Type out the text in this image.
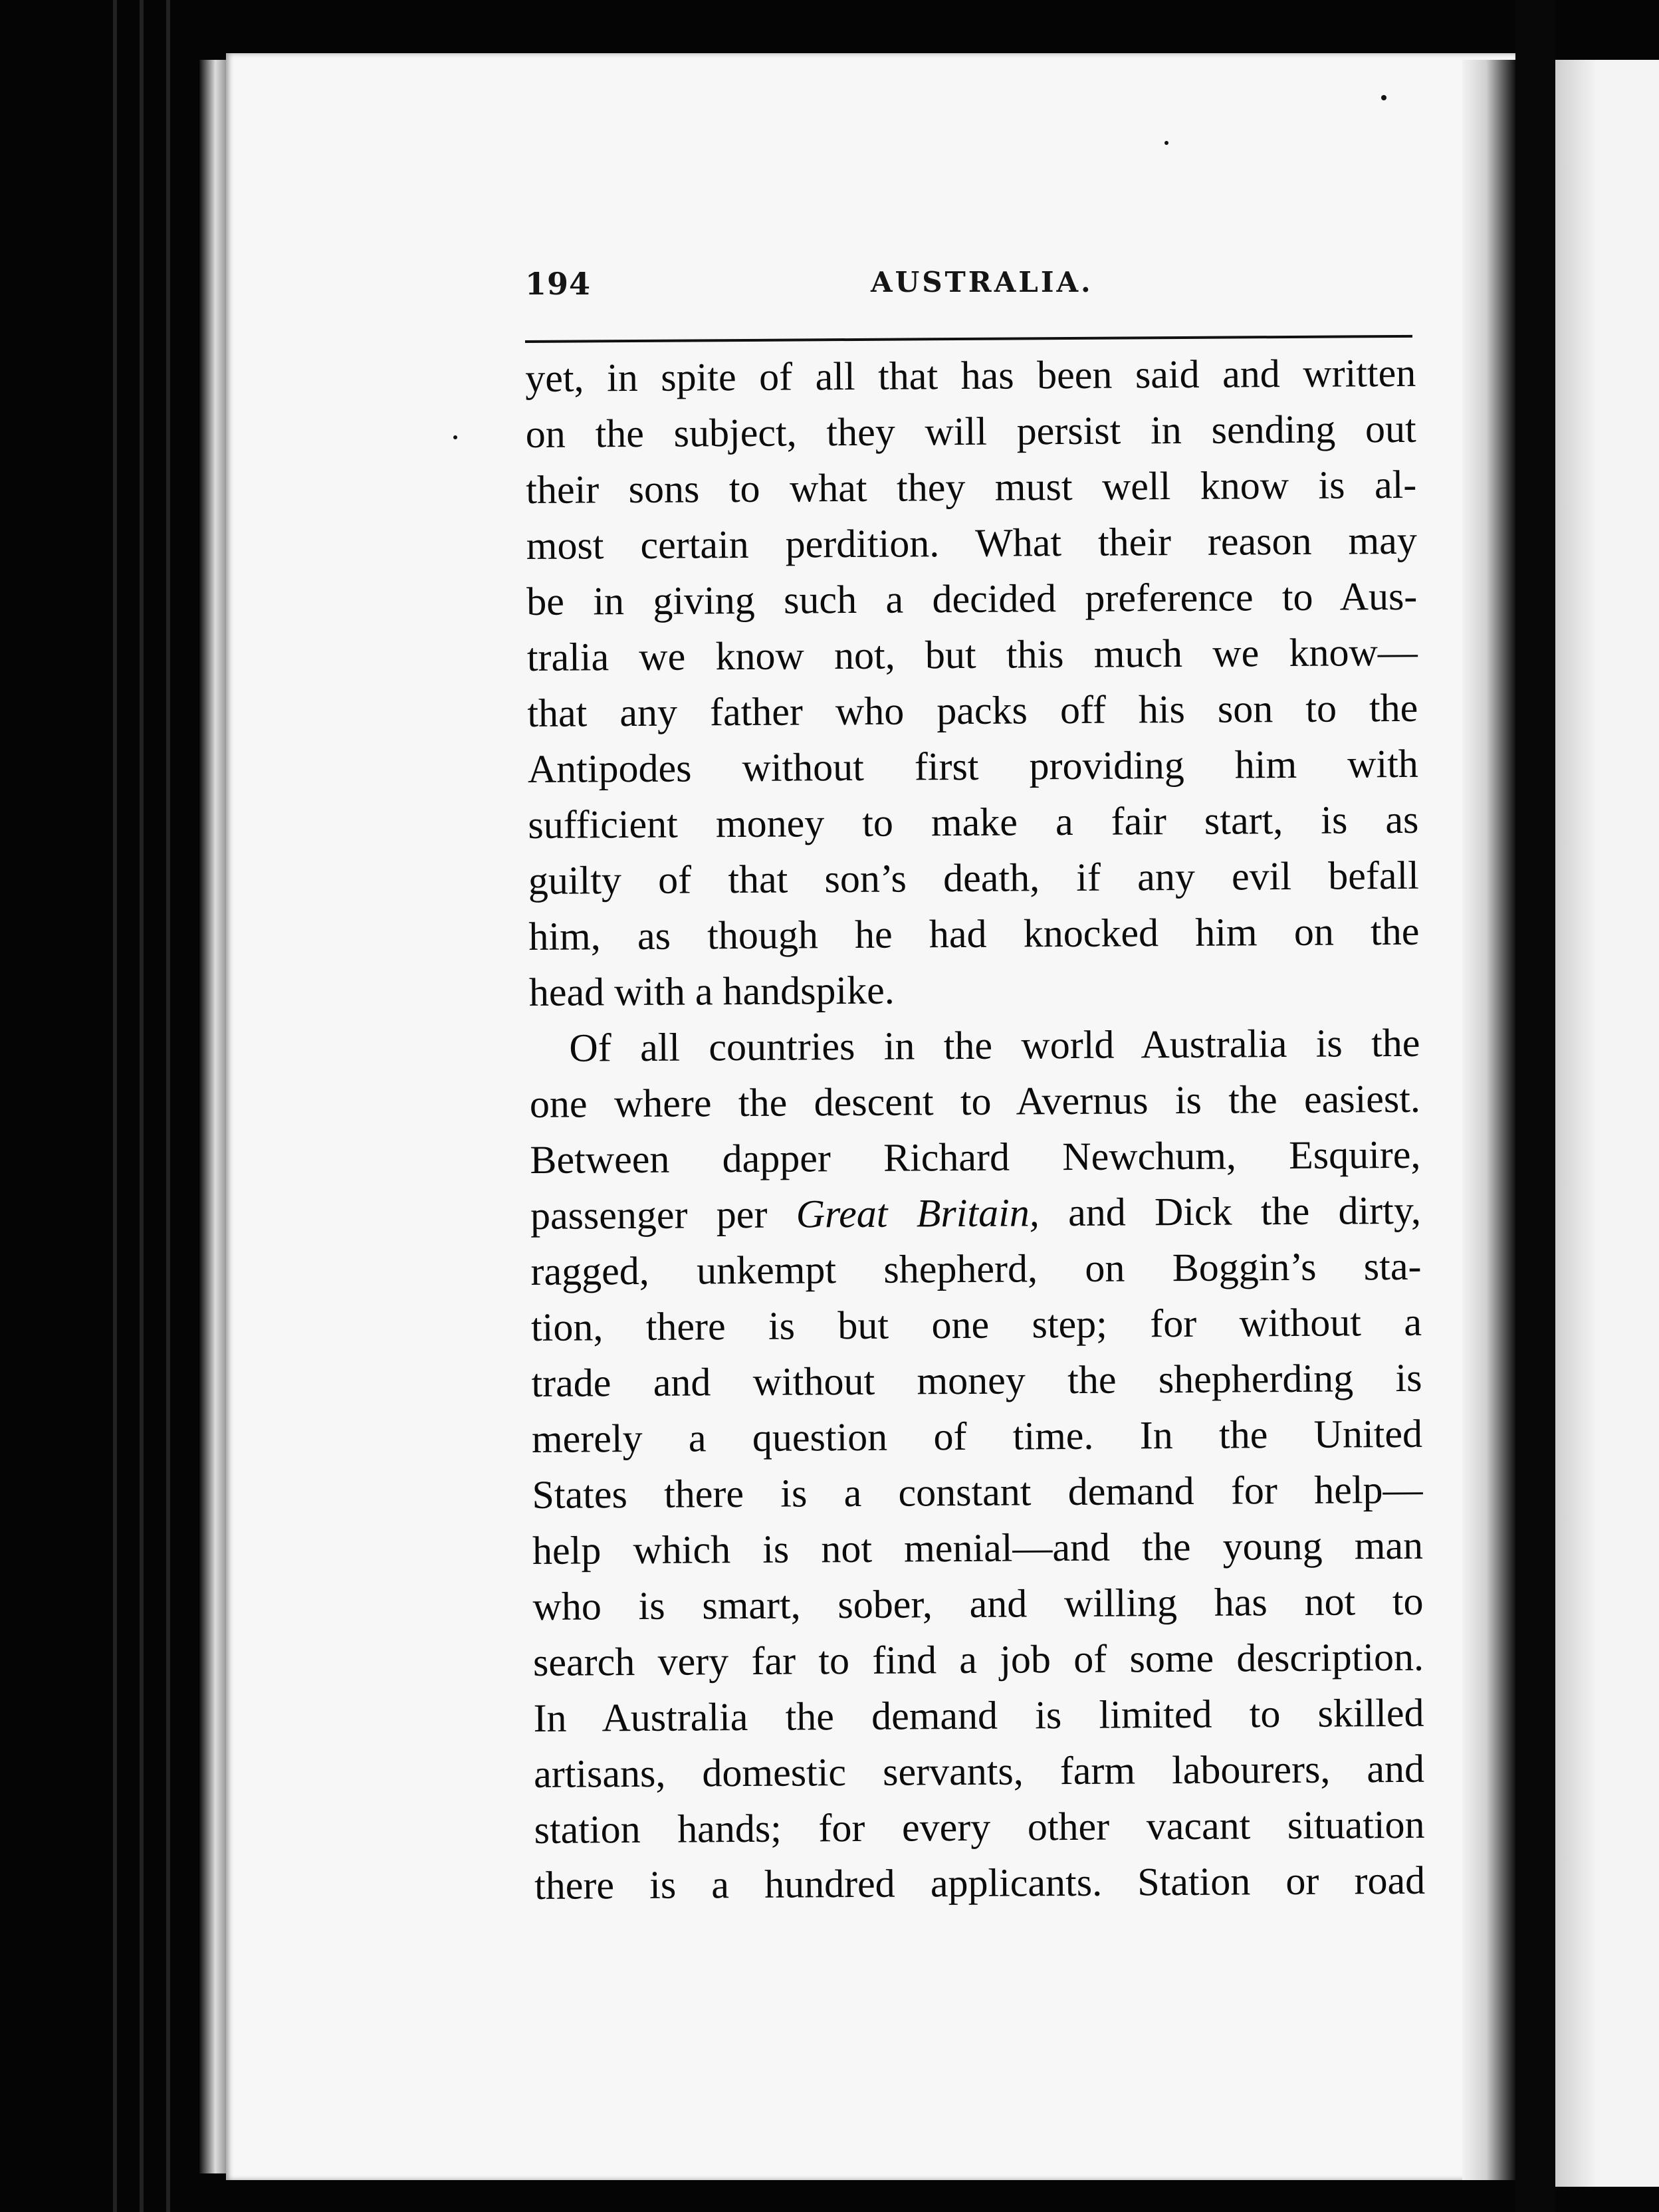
194	AUSTRALIA.
yet, in spite of all that has been said and written
on the subject, they will persist in sending out
their sons to what they must well know is al-
most certain perdition. What their reason may
be in giving such a decided preference to Aus-
tralia we know not, but this much we know—
that any father who packs off his son to the
Antipodes without first providing him with
sufficient money to make a fair start, is as
guilty of that son’s death, if any evil befall
him, as though he had knocked him on the
head with a handspike.
Of all countries in the world Australia is the
one where the descent to Avernus is the easiest.
Between dapper Richard Newchum, Esquire,
passenger per Great Britain, and Dick the dirty,
ragged, unkempt shepherd, on Boggin’s sta-
tion, there is but one step; for without a
trade and without money the shepherding is
merely a question of time. In the United
States there is a constant demand for help—
help which is not menial—and the young man
who is smart, sober, and willing has not to
search very far to find a job of some description.
In Australia the demand is limited to skilled
artisans, domestic servants, farm labourers, and
station hands; for every other vacant situation
there is a hundred applicants. Station or road
